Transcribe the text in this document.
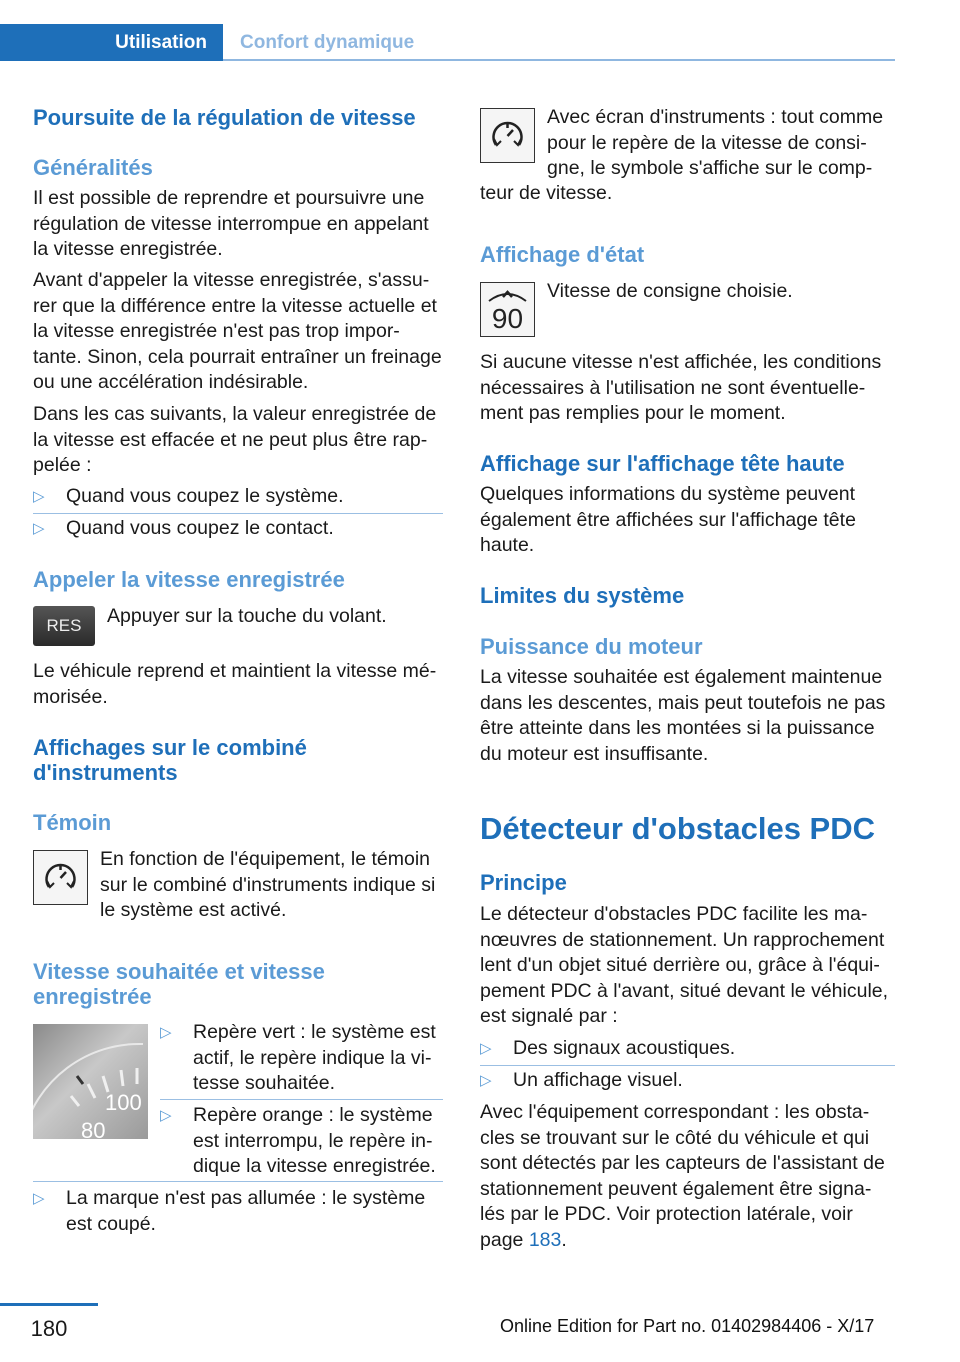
Utilisation	Confort dynamique
Poursuite de la régulation de vitesse
Généralités
Il est possible de reprendre et poursuivre une
régulation de vitesse interrompue en appelant
la vitesse enregistrée.
Avant d'appeler la vitesse enregistrée, s'assu‐
rer que la différence entre la vitesse actuelle et
la vitesse enregistrée n'est pas trop impor‐
tante. Sinon, cela pourrait entraîner un freinage
ou une accélération indésirable.
Dans les cas suivants, la valeur enregistrée de
la vitesse est effacée et ne peut plus être rap‐
pelée :
▷ Quand vous coupez le système.
▷ Quand vous coupez le contact.
Appeler la vitesse enregistrée
RES	Appuyer sur la touche du volant.
Le véhicule reprend et maintient la vitesse mé‐
morisée.
Affichages sur le combiné
d'instruments
Témoin
En fonction de l'équipement, le témoin
sur le combiné d'instruments indique si
le système est activé.
Vitesse souhaitée et vitesse
enregistrée
100
80
▷ Repère vert : le système est
actif, le repère indique la vi‐
tesse souhaitée.
▷ Repère orange : le système
est interrompu, le repère in‐
dique la vitesse enregistrée.
▷ La marque n'est pas allumée : le système
est coupé.
Avec écran d'instruments : tout comme
pour le repère de la vitesse de consi‐
gne, le symbole s'affiche sur le comp‐
teur de vitesse.
Affichage d'état
90
Vitesse de consigne choisie.
Si aucune vitesse n'est affichée, les conditions
nécessaires à l'utilisation ne sont éventuelle‐
ment pas remplies pour le moment.
Affichage sur l'affichage tête haute
Quelques informations du système peuvent
également être affichées sur l'affichage tête
haute.
Limites du système
Puissance du moteur
La vitesse souhaitée est également maintenue
dans les descentes, mais peut toutefois ne pas
être atteinte dans les montées si la puissance
du moteur est insuffisante.
Détecteur d'obstacles PDC
Principe
Le détecteur d'obstacles PDC facilite les ma‐
nœuvres de stationnement. Un rapprochement
lent d'un objet situé derrière ou, grâce à l'équi‐
pement PDC à l'avant, situé devant le véhicule,
est signalé par :
▷ Des signaux acoustiques.
▷ Un affichage visuel.
Avec l'équipement correspondant : les obsta‐
cles se trouvant sur le côté du véhicule et qui
sont détectés par les capteurs de l'assistant de
stationnement peuvent également être signa‐
lés par le PDC. Voir protection latérale, voir
page 183.
180	Online Edition for Part no. 01402984406 - X/17
